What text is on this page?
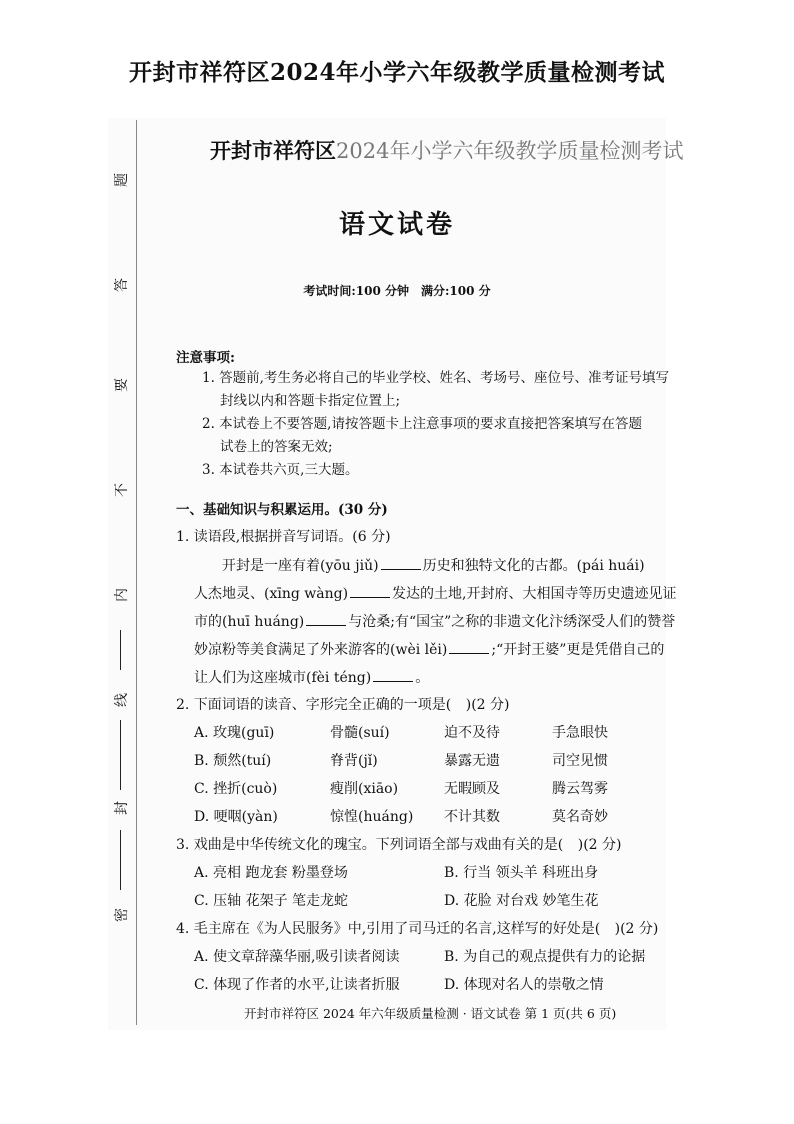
开封市祥符区2024年小学六年级教学质量检测考试
题
答
要
不
内
线
封
密
开封市祥符区2024年小学六年级教学质量检测考试
语文试卷
考试时间:100 分钟 满分:100 分
注意事项:
1. 答题前,考生务必将自己的毕业学校、姓名、考场号、座位号、准考证号填写
封线以内和答题卡指定位置上;
2. 本试卷上不要答题,请按答题卡上注意事项的要求直接把答案填写在答题
试卷上的答案无效;
3. 本试卷共六页,三大题。
一、基础知识与积累运用。(30 分)
1. 读语段,根据拼音写词语。(6 分)
开封是一座有着(yōu jiǔ)	历史和独特文化的古都。(pái huái)
人杰地灵、(xīng wàng)	发达的土地,开封府、大相国寺等历史遗迹见证
市的(huī huáng)	与沧桑;有“国宝”之称的非遗文化汴绣深受人们的赞誉
妙凉粉等美食满足了外来游客的(wèi lěi)	;“开封王婆”更是凭借自己的
让人们为这座城市(fèi téng)	。
2. 下面词语的读音、字形完全正确的一项是( )(2 分)
A. 玫瑰(guī)	骨髓(suí)	迫不及待	手急眼快
B. 颓然(tuí)	脊背(jǐ)	暴露无遗	司空见惯
C. 挫折(cuò)	瘦削(xiāo)	无暇顾及	腾云驾雾
D. 哽咽(yàn)	惊惶(huáng) 不计其数	莫名奇妙
3. 戏曲是中华传统文化的瑰宝。下列词语全部与戏曲有关的是( )(2 分)
A. 亮相 跑龙套 粉墨登场	B. 行当 领头羊 科班出身
C. 压轴 花架子 笔走龙蛇	D. 花脸 对台戏 妙笔生花
4. 毛主席在《为人民服务》中,引用了司马迁的名言,这样写的好处是( )(2 分)
A. 使文章辞藻华丽,吸引读者阅读	B. 为自己的观点提供有力的论据
C. 体现了作者的水平,让读者折服	D. 体现对名人的崇敬之情
开封市祥符区 2024 年六年级质量检测 · 语文试卷 第 1 页(共 6 页)
